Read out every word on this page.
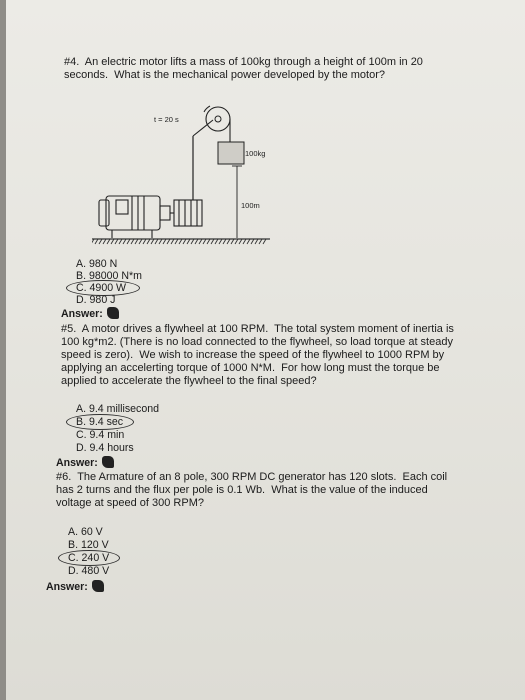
#4.  An electric motor lifts a mass of 100kg through a height of 100m in 20

seconds.  What is the mechanical power developed by the motor?

100kg
100m
t = 20 s
A. 980 N
B. 98000 N*m
C. 4900 W
D. 980 J
Answer:

#5.  A motor drives a flywheel at 100 RPM.  The total system moment of inertia is

100 kg*m2. (There is no load connected to the flywheel, so load torque at steady

speed is zero).  We wish to increase the speed of the flywheel to 1000 RPM by

applying an accelerting torque of 1000 N*M.  For how long must the torque be

applied to accelerate the flywheel to the final speed?

A. 9.4 millisecond
B. 9.4 sec
C. 9.4 min
D. 9.4 hours
Answer:

#6.  The Armature of an 8 pole, 300 RPM DC generator has 120 slots.  Each coil

has 2 turns and the flux per pole is 0.1 Wb.  What is the value of the induced

voltage at speed of 300 RPM?

A. 60 V
B. 120 V
C. 240 V
D. 480 V
Answer:
